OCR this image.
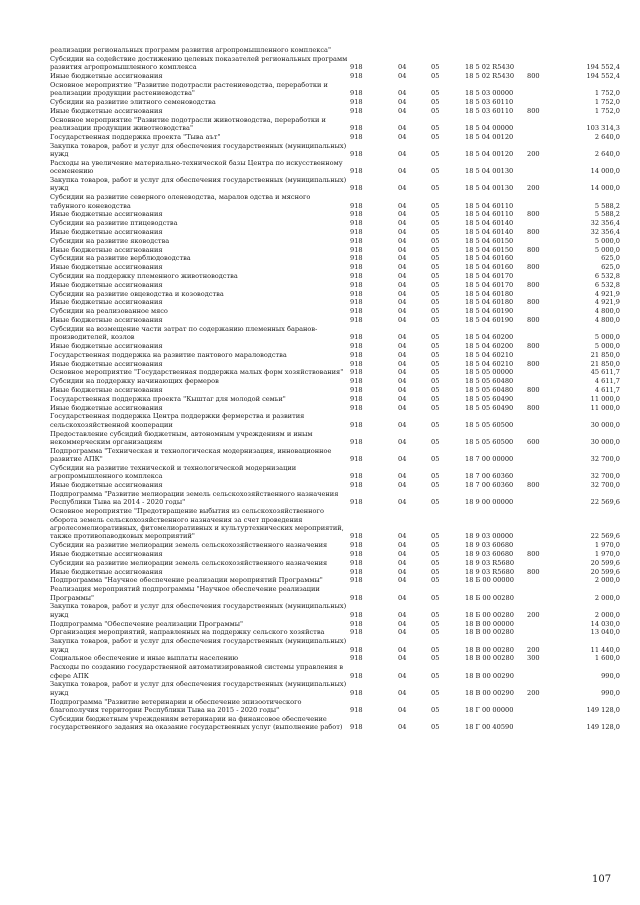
реализации региональных программ развития агропромышленного комплекса"						
Субсидии на содействие достижению целевых показателей региональных программ развития агропромышленного комплекса	918	04	05	18 5 02 R5430		194 552,4
Иные бюджетные ассигнования	918	04	05	18 5 02 R5430	800	194 552,4
Основное мероприятие "Развитие подотрасли растениеводства, переработки и реализации продукции растениеводства"	918	04	05	18 5 03 00000		1 752,0
Субсидии на развитие элитного семеноводства	918	04	05	18 5 03 60110		1 752,0
Иные бюджетные ассигнования	918	04	05	18 5 03 60110	800	1 752,0
Основное мероприятие "Развитие подотрасли животноводства, переработки и реализации продукции животноводства"	918	04	05	18 5 04 00000		103 314,3
Государственная поддержка проекта "Тыва аът"	918	04	05	18 5 04 00120		2 640,0
Закупка товаров, работ и услуг для обеспечения государственных (муниципальных) нужд	918	04	05	18 5 04 00120	200	2 640,0
Расходы на увеличение материально-технической базы Центра по искусственному осеменению	918	04	05	18 5 04 00130		14 000,0
Закупка товаров, работ и услуг для обеспечения государственных (муниципальных) нужд	918	04	05	18 5 04 00130	200	14 000,0
Субсидии на развитие северного оленеводства, маралов одства и мясного табунного коневодства	918	04	05	18 5 04 60110		5 588,2
Иные бюджетные ассигнования	918	04	05	18 5 04 60110	800	5 588,2
Субсидии на развитие птицеводства	918	04	05	18 5 04 60140		32 356,4
Иные бюджетные ассигнования	918	04	05	18 5 04 60140	800	32 356,4
Субсидии на развитие яководства	918	04	05	18 5 04 60150		5 000,0
Иные бюджетные ассигнования	918	04	05	18 5 04 60150	800	5 000,0
Субсидии на развитие верблюдоводства	918	04	05	18 5 04 60160		625,0
Иные бюджетные ассигнования	918	04	05	18 5 04 60160	800	625,0
Субсидии на поддержку племенного животноводства	918	04	05	18 5 04 60170		6 532,8
Иные бюджетные ассигнования	918	04	05	18 5 04 60170	800	6 532,8
Субсидии на развитие овцеводства и козоводства	918	04	05	18 5 04 60180		4 921,9
Иные бюджетные ассигнования	918	04	05	18 5 04 60180	800	4 921,9
Субсидии на реализованное мясо	918	04	05	18 5 04 60190		4 800,0
Иные бюджетные ассигнования	918	04	05	18 5 04 60190	800	4 800,0
Субсидии на возмещение части затрат по содержанию племенных баранов-производителей, козлов	918	04	05	18 5 04 60200		5 000,0
Иные бюджетные ассигнования	918	04	05	18 5 04 60200	800	5 000,0
Государственная поддержка на развитие пантового мараловодства	918	04	05	18 5 04 60210		21 850,0
Иные бюджетные ассигнования	918	04	05	18 5 04 60210	800	21 850,0
Основное мероприятие "Государственная поддержка малых форм хозяйствования"	918	04	05	18 5 05 00000		45 611,7
Субсидии на поддержку начинающих фермеров	918	04	05	18 5 05 60480		4 611,7
Иные бюджетные ассигнования	918	04	05	18 5 05 60480	800	4 611,7
Государственная поддержка проекта "Кыштаг для молодой семьи"	918	04	05	18 5 05 60490		11 000,0
Иные бюджетные ассигнования	918	04	05	18 5 05 60490	800	11 000,0
Государственная поддержка Центра поддержки фермерства и развития сельскохозяйственной кооперации	918	04	05	18 5 05 60500		30 000,0
Предоставление субсидий бюджетным, автономным учреждениям и иным некоммерческим организациям	918	04	05	18 5 05 60500	600	30 000,0
Подпрограмма "Техническая и технологическая модернизация, инновационное развитие АПК"	918	04	05	18 7 00 00000		32 700,0
Субсидии на развитие технической и технологической модернизации агропромышленного комплекса	918	04	05	18 7 00 60360		32 700,0
Иные бюджетные ассигнования	918	04	05	18 7 00 60360	800	32 700,0
Подпрограмма "Развитие мелиорации земель сельскохозяйственного назначения Республики Тыва на 2014 - 2020 годы"	918	04	05	18 9 00 00000		22 569,6
Основное мероприятие "Предотвращение выбытия из сельскохозяйственного оборота земель сельскохозяйственного назначения за счет проведения агролесомелиоративных, фитомелиоративных и культуртехнических мероприятий, также противопаводковых мероприятий"	918	04	05	18 9 03 00000		22 569,6
Субсидии на развитие мелиорации земель сельскохозяйственного назначения	918	04	05	18 9 03 60680		1 970,0
Иные бюджетные ассигнования	918	04	05	18 9 03 60680	800	1 970,0
Субсидии на развитие мелиорации земель сельскохозяйственного назначения	918	04	05	18 9 03 R5680		20 599,6
Иные бюджетные ассигнования	918	04	05	18 9 03 R5680	800	20 599,6
Подпрограмма "Научное обеспечение реализации мероприятий Программы"	918	04	05	18 Б 00 00000		2 000,0
Реализация мероприятий подпрограммы "Научное обеспечение реализации Программы"	918	04	05	18 Б 00 00280		2 000,0
Закупка товаров, работ и услуг для обеспечения государственных (муниципальных) нужд	918	04	05	18 Б 00 00280	200	2 000,0
Подпрограмма "Обеспечение реализации Программы"	918	04	05	18 В 00 00000		14 030,0
Организация мероприятий, направленных на поддержку сельского хозяйства	918	04	05	18 В 00 00280		13 040,0
Закупка товаров, работ и услуг для обеспечения государственных (муниципальных) нужд	918	04	05	18 В 00 00280	200	11 440,0
Социальное обеспечение и иные выплаты населению	918	04	05	18 В 00 00280	300	1 600,0
Расходы по созданию государственной автоматизированной системы управления в сфере АПК	918	04	05	18 В 00 00290		990,0
Закупка товаров, работ и услуг для обеспечения государственных (муниципальных) нужд	918	04	05	18 В 00 00290	200	990,0
Подпрограмма "Развитие ветеринарии и обеспечение эпизоотического благополучия территории Республики Тыва на 2015 - 2020 годы"	918	04	05	18 Г 00 00000		149 128,0
Субсидии бюджетным учреждениям ветеринарии на финансовое обеспечение государственного задания на оказание государственных услуг (выполнение работ)	918	04	05	18 Г 00 40590		149 128,0
107
